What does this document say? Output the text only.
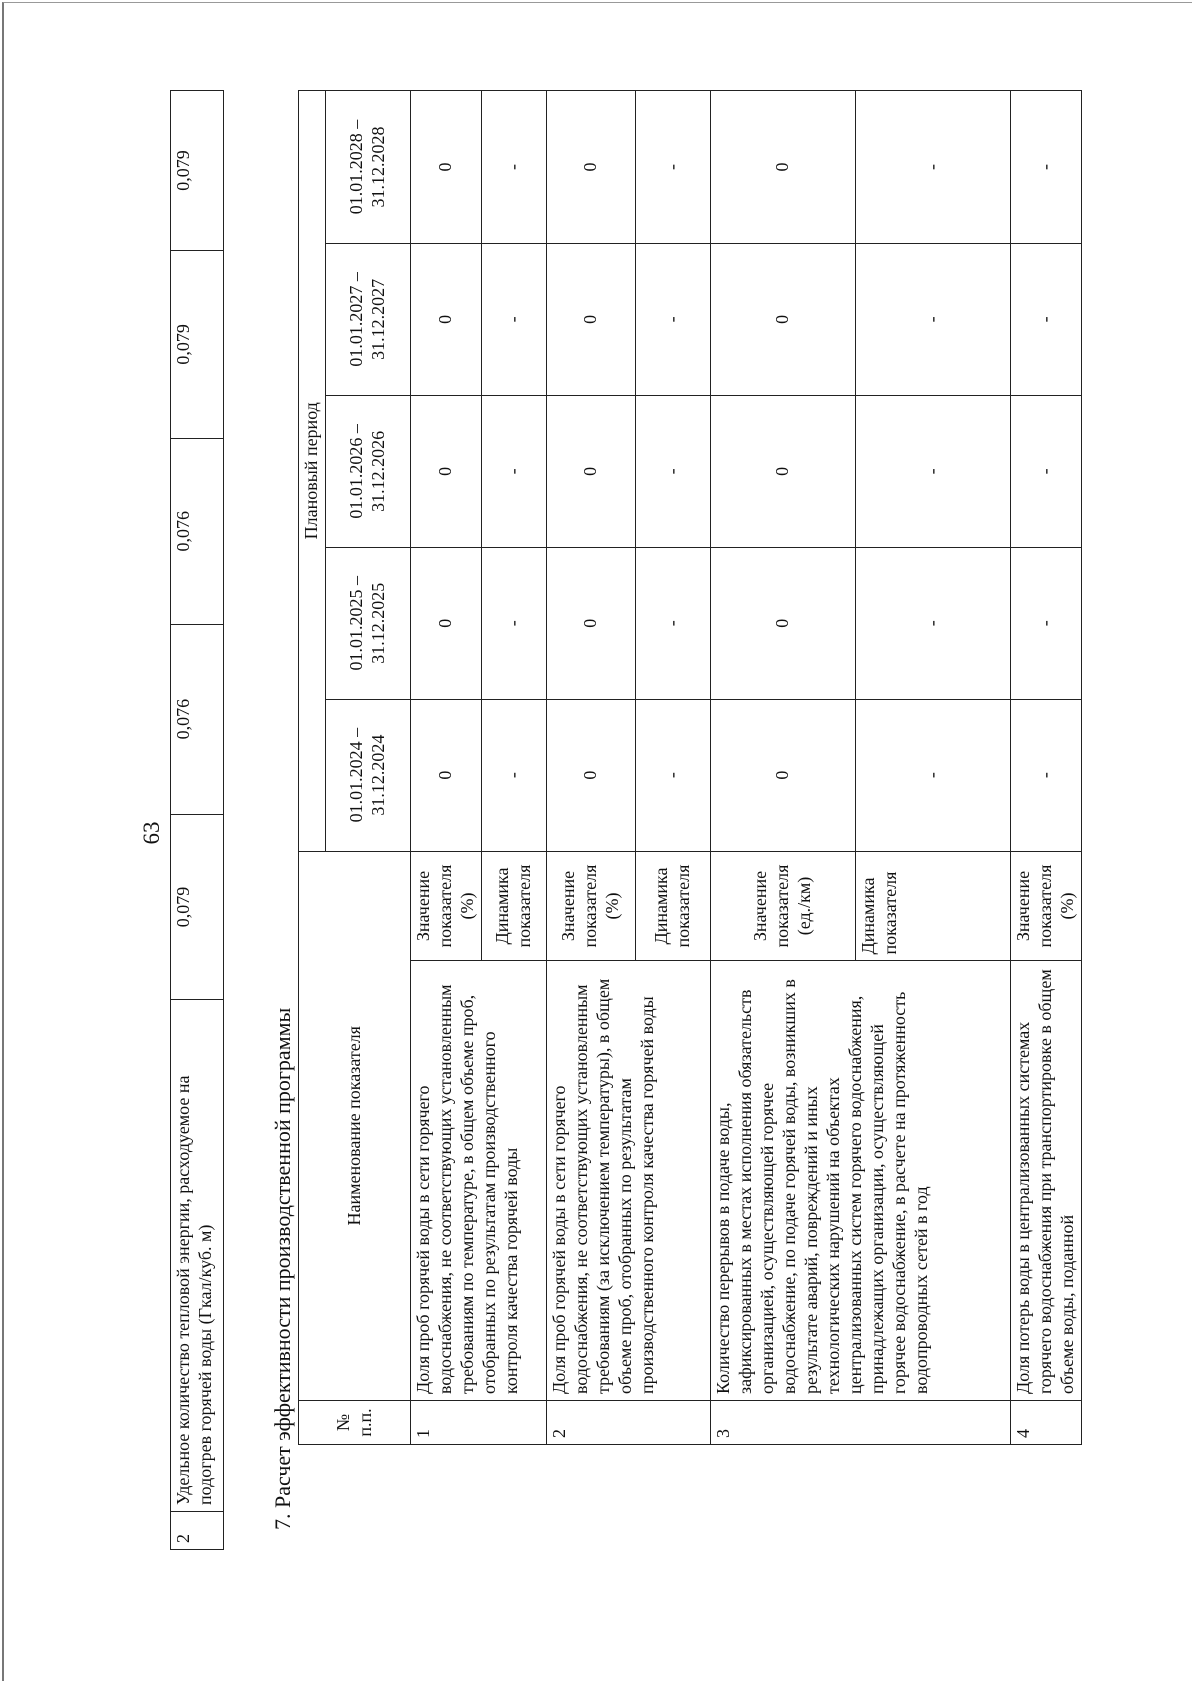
63
2	Удельное количество тепловой энергии, расходуемое на подогрев горячей воды (Гкал/куб. м)	0,079	0,076	0,076	0,079	0,079
7. Расчет эффективности производственной программы № п.п.	Наименование показателя		Плановый период				
			01.01.2024 – 31.12.2024	01.01.2025 – 31.12.2025	01.01.2026 – 31.12.2026	01.01.2027 – 31.12.2027	01.01.2028 – 31.12.2028
1	Доля проб горячей воды в сети горячего водоснабжения, не соответствующих установленным требованиям по температуре, в общем объеме проб, отобранных по результатам производственного контроля качества горячей воды	Значение показателя (%)	0	0	0	0	0
		Динамика показателя	-	-	-	-	-
2	Доля проб горячей воды в сети горячего водоснабжения, не соответствующих установленным требованиям (за исключением температуры), в общем объеме проб, отобранных по результатам производственного контроля качества горячей воды	Значение показателя (%)	0	0	0	0	0
		Динамика показателя	-	-	-	-	-
3	Количество перерывов в подаче воды, зафиксированных в местах исполнения обязательств организацией, осуществляющей горячее водоснабжение, по подаче горячей воды, возникших в результате аварий, повреждений и иных технологических нарушений на объектах централизованных систем горячего водоснабжения, принадлежащих организации, осуществляющей горячее водоснабжение, в расчете на протяженность водопроводных сетей в год	Значение показателя (ед./км)	0	0	0	0	0
		Динамика показателя	-	-	-	-	-
4	Доля потерь воды в централизованных системах горячего водоснабжения при транспортировке в общем объеме воды, поданной	Значение показателя (%)	-	-	-	-	-
